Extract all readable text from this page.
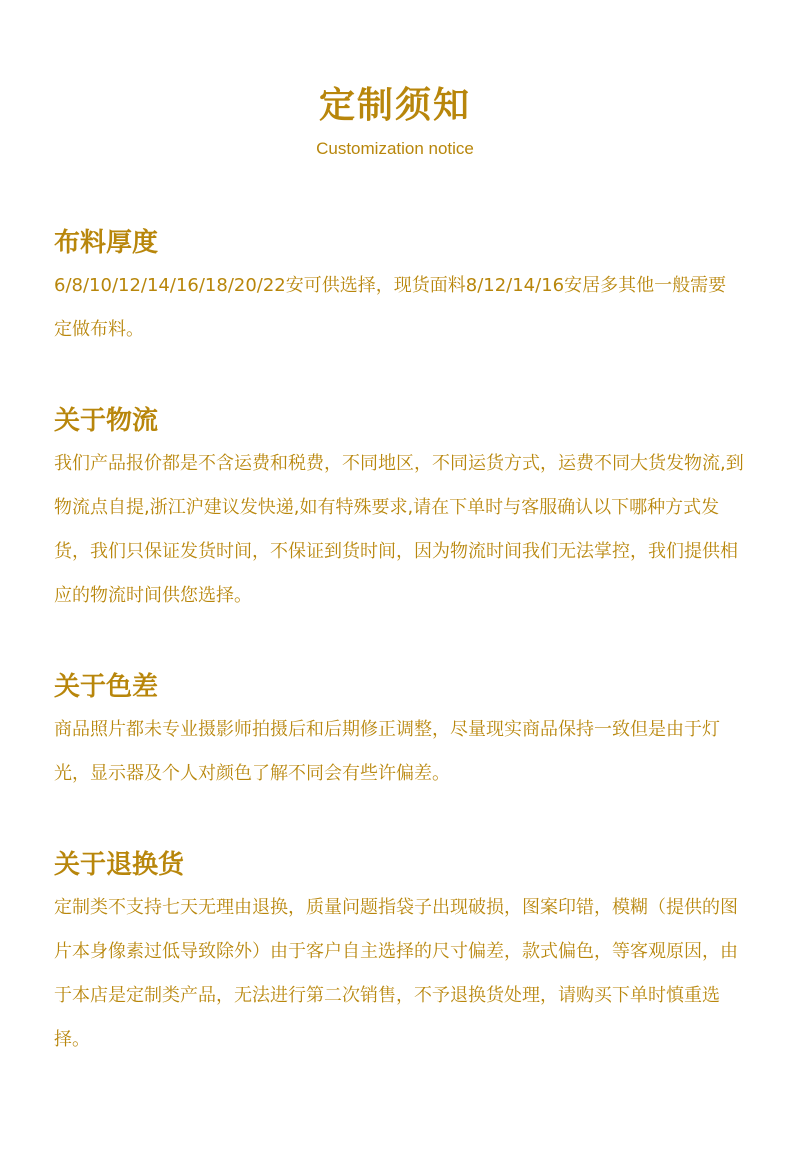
定制须知
Customization notice
布料厚度

6/8/10/12/14/16/18/20/22安可供选择，现货面料8/12/14/16安居多其他一般需要定做布料。

关于物流

我们产品报价都是不含运费和税费，不同地区，不同运货方式，运费不同大货发物流,到物流点自提,浙江沪建议发快递,如有特殊要求,请在下单时与客服确认以下哪种方式发货，我们只保证发货时间，不保证到货时间，因为物流时间我们无法掌控，我们提供相应的物流时间供您选择。

关于色差

商品照片都未专业摄影师拍摄后和后期修正调整，尽量现实商品保持一致但是由于灯光，显示器及个人对颜色了解不同会有些许偏差。

关于退换货

定制类不支持七天无理由退换，质量问题指袋子出现破损，图案印错，模糊（提供的图片本身像素过低导致除外）由于客户自主选择的尺寸偏差，款式偏色，等客观原因，由于本店是定制类产品，无法进行第二次销售，不予退换货处理，请购买下单时慎重选择。
